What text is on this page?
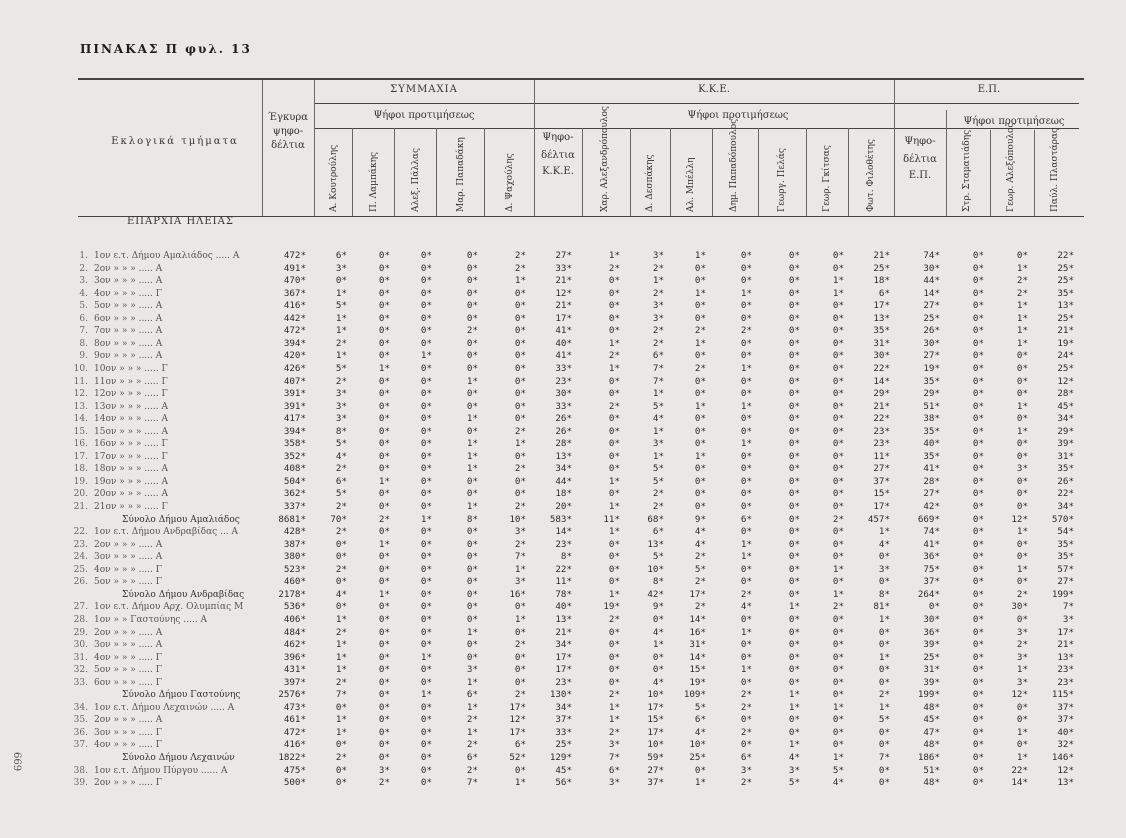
ΠΙΝΑΚΑΣ Π φυλ. 13
669
Εκλογικά τμήματα
Έγκυρα
ψηφο-
δέλτια
ΣΥΜΜΑΧΙΑ
Ψήφοι προτιμήσεως
Κ.Κ.Ε.
Ψήφοι προτιμήσεως
Ψηφο-
δέλτια
Κ.Κ.Ε.
Ε.Π.
Ψήφοι προτιμήσεως
Ψηφο-
δέλτια
Ε.Π.
Α. Κουτρούλης	Π. Λαμπάκης	Αλεξ. Πάλλας	Μαρ. Παπαδάκη	Δ. Ψαχούλης	Χαρ. Αλεξανδρόπουλος	Δ. Δεσπάκης	Αλ. Μπέλλη	Δημ. Παπαδόπουλος	Γεωργ. Πελάς	Γεωρ. Γκίτσας	Φωτ. Φιλοθέτης	Στρ. Σταματιάδης	Γεωρ. Αλεξόπουλος	Παύλ. Πλαστάρας
ΕΠΑΡΧΙΑ ΗΛΕΙΑΣ
1. 1ον ε.τ. Δήμου Αμαλιάδος ..... Α	472*	6*	0*	0*	0*	2*	27*	1*	3*	1*	0*	0*	0*	21*	74*	0*	0*	22*
2. 2ον » » » ..... Α	491*	3*	0*	0*	0*	2*	33*	2*	2*	0*	0*	0*	0*	25*	30*	0*	1*	25*
3. 3ον » » » ..... Α	470*	0*	0*	0*	0*	1*	21*	0*	1*	0*	0*	0*	1*	18*	44*	0*	2*	25*
4. 4ον » » » ..... Γ	367*	1*	0*	0*	0*	0*	12*	0*	2*	1*	1*	0*	1*	6*	14*	0*	2*	35*
5. 5ον » » » ..... Α	416*	5*	0*	0*	0*	0*	21*	0*	3*	0*	0*	0*	0*	17*	27*	0*	1*	13*
6. 6ον » » » ..... Α	442*	1*	0*	0*	0*	0*	17*	0*	3*	0*	0*	0*	0*	13*	25*	0*	1*	25*
7. 7ον » » » ..... Α	472*	1*	0*	0*	2*	0*	41*	0*	2*	2*	2*	0*	0*	35*	26*	0*	1*	21*
8. 8ον » » » ..... Α	394*	2*	0*	0*	0*	0*	40*	1*	2*	1*	0*	0*	0*	31*	30*	0*	1*	19*
9. 9ον » » » ..... Α	420*	1*	0*	1*	0*	0*	41*	2*	6*	0*	0*	0*	0*	30*	27*	0*	0*	24*
10. 10ον » » » ..... Γ	426*	5*	1*	0*	0*	0*	33*	1*	7*	2*	1*	0*	0*	22*	19*	0*	0*	25*
11. 11ον » » » ..... Γ	407*	2*	0*	0*	1*	0*	23*	0*	7*	0*	0*	0*	0*	14*	35*	0*	0*	12*
12. 12ον » » » ..... Γ	391*	3*	0*	0*	0*	0*	30*	0*	1*	0*	0*	0*	0*	29*	29*	0*	0*	28*
13. 13ον » » » ..... Α	391*	3*	0*	0*	0*	0*	33*	2*	5*	1*	1*	0*	0*	21*	51*	0*	1*	45*
14. 14ον » » » ..... Α	417*	3*	0*	0*	1*	0*	26*	0*	4*	0*	0*	0*	0*	22*	38*	0*	0*	34*
15. 15ον » » » ..... Α	394*	8*	0*	0*	0*	2*	26*	0*	1*	0*	0*	0*	0*	23*	35*	0*	1*	29*
16. 16ον » » » ..... Γ	358*	5*	0*	0*	1*	1*	28*	0*	3*	0*	1*	0*	0*	23*	40*	0*	0*	39*
17. 17ον » » » ..... Γ	352*	4*	0*	0*	1*	0*	13*	0*	1*	1*	0*	0*	0*	11*	35*	0*	0*	31*
18. 18ον » » » ..... Α	408*	2*	0*	0*	1*	2*	34*	0*	5*	0*	0*	0*	0*	27*	41*	0*	3*	35*
19. 19ον » » » ..... Α	504*	6*	1*	0*	0*	0*	44*	1*	5*	0*	0*	0*	0*	37*	28*	0*	0*	26*
20. 20ον » » » ..... Α	362*	5*	0*	0*	0*	0*	18*	0*	2*	0*	0*	0*	0*	15*	27*	0*	0*	22*
21. 21ον » » » ..... Γ	337*	2*	0*	0*	1*	2*	20*	1*	2*	0*	0*	0*	0*	17*	42*	0*	0*	34*
Σύνολο Δήμου Αμαλιάδος	8681*	70*	2*	1*	8*	10*	583*	11*	68*	9*	6*	0*	2*	457*	669*	0*	12*	570*
22. 1ον ε.τ. Δήμου Ανδραβίδας ... Α	428*	2*	0*	0*	0*	3*	14*	1*	6*	4*	0*	0*	0*	1*	74*	0*	1*	54*
23. 2ον » » » ..... Α	387*	0*	1*	0*	0*	2*	23*	0*	13*	4*	1*	0*	0*	4*	41*	0*	0*	35*
24. 3ον » » » ..... Α	380*	0*	0*	0*	0*	7*	8*	0*	5*	2*	1*	0*	0*	0*	36*	0*	0*	35*
25. 4ον » » » ..... Γ	523*	2*	0*	0*	0*	1*	22*	0*	10*	5*	0*	0*	1*	3*	75*	0*	1*	57*
26. 5ον » » » ..... Γ	460*	0*	0*	0*	0*	3*	11*	0*	8*	2*	0*	0*	0*	0*	37*	0*	0*	27*
Σύνολο Δήμου Ανδραβίδας	2178*	4*	1*	0*	0*	16*	78*	1*	42*	17*	2*	0*	1*	8*	264*	0*	2*	199*
27. 1ον ε.τ. Δήμου Αρχ. Ολυμπίας Μ	536*	0*	0*	0*	0*	0*	40*	19*	9*	2*	4*	1*	2*	81*	0*	0*	30*	7*
28. 1ον » » Γαστούνης ..... Α	406*	1*	0*	0*	0*	1*	13*	2*	0*	14*	0*	0*	0*	1*	30*	0*	0*	3*
29. 2ον » » » ..... Α	484*	2*	0*	0*	1*	0*	21*	0*	4*	16*	1*	0*	0*	0*	36*	0*	3*	17*
30. 3ον » » » ..... Α	462*	1*	0*	0*	0*	2*	34*	0*	1*	31*	0*	0*	0*	0*	39*	0*	2*	21*
31. 4ον » » » ..... Γ	396*	1*	0*	1*	0*	0*	17*	0*	0*	14*	0*	0*	0*	1*	25*	0*	3*	13*
32. 5ον » » » ..... Γ	431*	1*	0*	0*	3*	0*	17*	0*	0*	15*	1*	0*	0*	0*	31*	0*	1*	23*
33. 6ον » » » ..... Γ	397*	2*	0*	0*	1*	0*	23*	0*	4*	19*	0*	0*	0*	0*	39*	0*	3*	23*
Σύνολο Δήμου Γαστούνης	2576*	7*	0*	1*	6*	2*	130*	2*	10*	109*	2*	1*	0*	2*	199*	0*	12*	115*
34. 1ον ε.τ. Δήμου Λεχαινών ..... Α	473*	0*	0*	0*	1*	17*	34*	1*	17*	5*	2*	1*	1*	1*	48*	0*	0*	37*
35. 2ον » » » ..... Α	461*	1*	0*	0*	2*	12*	37*	1*	15*	6*	0*	0*	0*	5*	45*	0*	0*	37*
36. 3ον » » » ..... Γ	472*	1*	0*	0*	1*	17*	33*	2*	17*	4*	2*	0*	0*	0*	47*	0*	1*	40*
37. 4ον » » » ..... Γ	416*	0*	0*	0*	2*	6*	25*	3*	10*	10*	0*	1*	0*	0*	48*	0*	0*	32*
Σύνολο Δήμου Λεχαινών	1822*	2*	0*	0*	6*	52*	129*	7*	59*	25*	6*	4*	1*	7*	186*	0*	1*	146*
38. 1ον ε.τ. Δήμου Πύργου ...... Α	475*	0*	3*	0*	2*	0*	45*	6*	27*	0*	3*	3*	5*	0*	51*	0*	22*	12*
39. 2ον » » » ..... Γ	500*	0*	2*	0*	7*	1*	56*	3*	37*	1*	2*	5*	4*	0*	48*	0*	14*	13*
